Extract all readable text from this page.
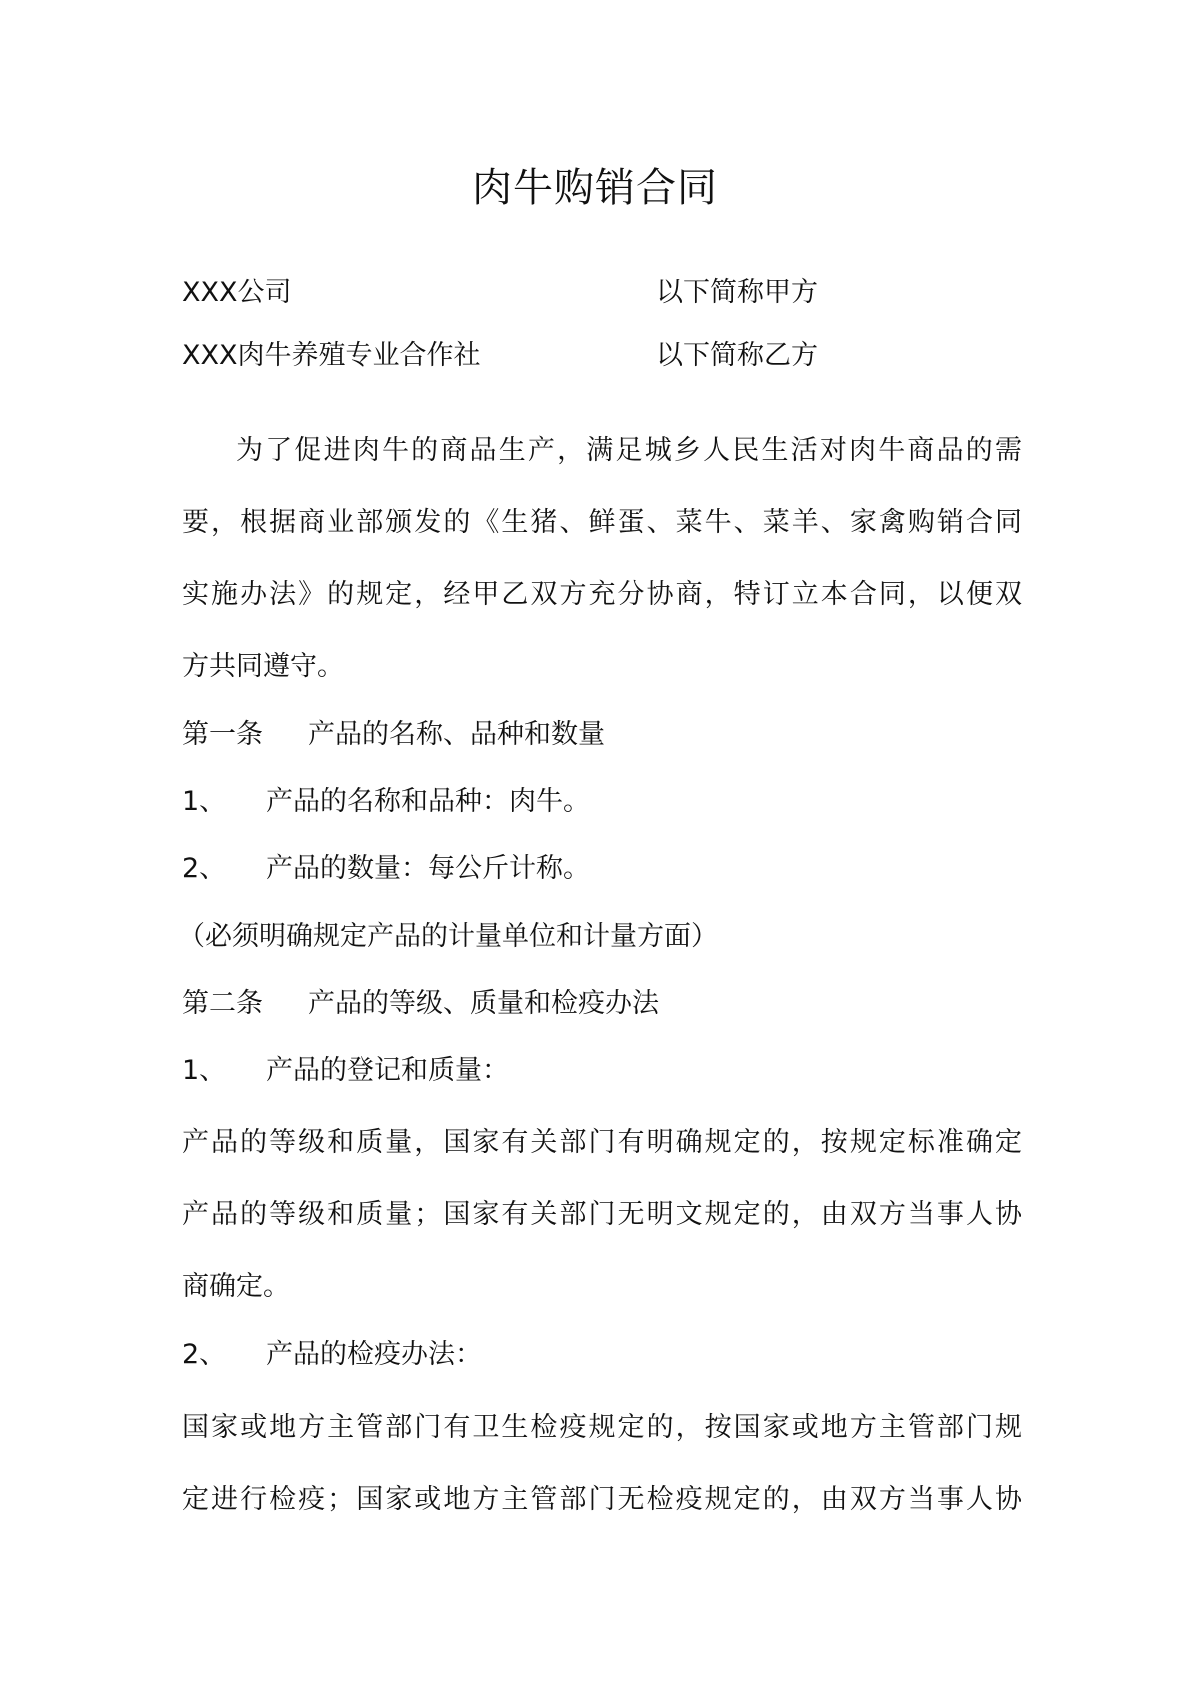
肉牛购销合同
XXX公司	以下简称甲方
XXX肉牛养殖专业合作社	以下简称乙方
为了促进肉牛的商品生产，满足城乡人民生活对肉牛商品的需
要，根据商业部颁发的《生猪、鲜蛋、菜牛、菜羊、家禽购销合同
实施办法》的规定，经甲乙双方充分协商，特订立本合同，以便双
方共同遵守。
第一条 产品的名称、品种和数量
1、 产品的名称和品种：肉牛。
2、 产品的数量：每公斤计称。
（必须明确规定产品的计量单位和计量方面）
第二条 产品的等级、质量和检疫办法
1、 产品的登记和质量：
产品的等级和质量，国家有关部门有明确规定的，按规定标准确定
产品的等级和质量；国家有关部门无明文规定的，由双方当事人协
商确定。
2、 产品的检疫办法：
国家或地方主管部门有卫生检疫规定的，按国家或地方主管部门规
定进行检疫；国家或地方主管部门无检疫规定的，由双方当事人协
